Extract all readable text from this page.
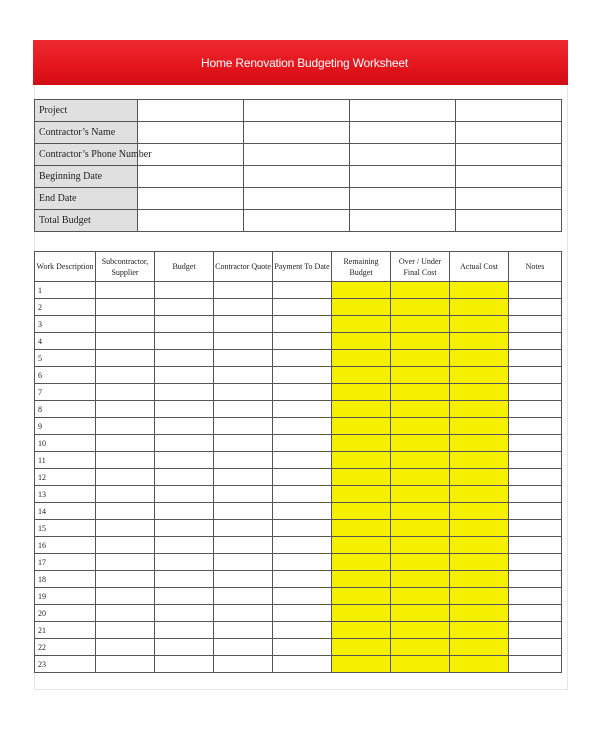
Home Renovation Budgeting Worksheet
Project				
Contractor’s Name				
Contractor’s Phone Number				
Beginning Date				
End Date				
Total Budget				
Work Description	Subcontractor, Supplier	Budget	Contractor Quote	Payment To Date	Remaining Budget	Over / Under Final Cost	Actual Cost	Notes
1								
2								
3								
4								
5								
6								
7								
8								
9								
10								
11								
12								
13								
14								
15								
16								
17								
18								
19								
20								
21								
22								
23								
